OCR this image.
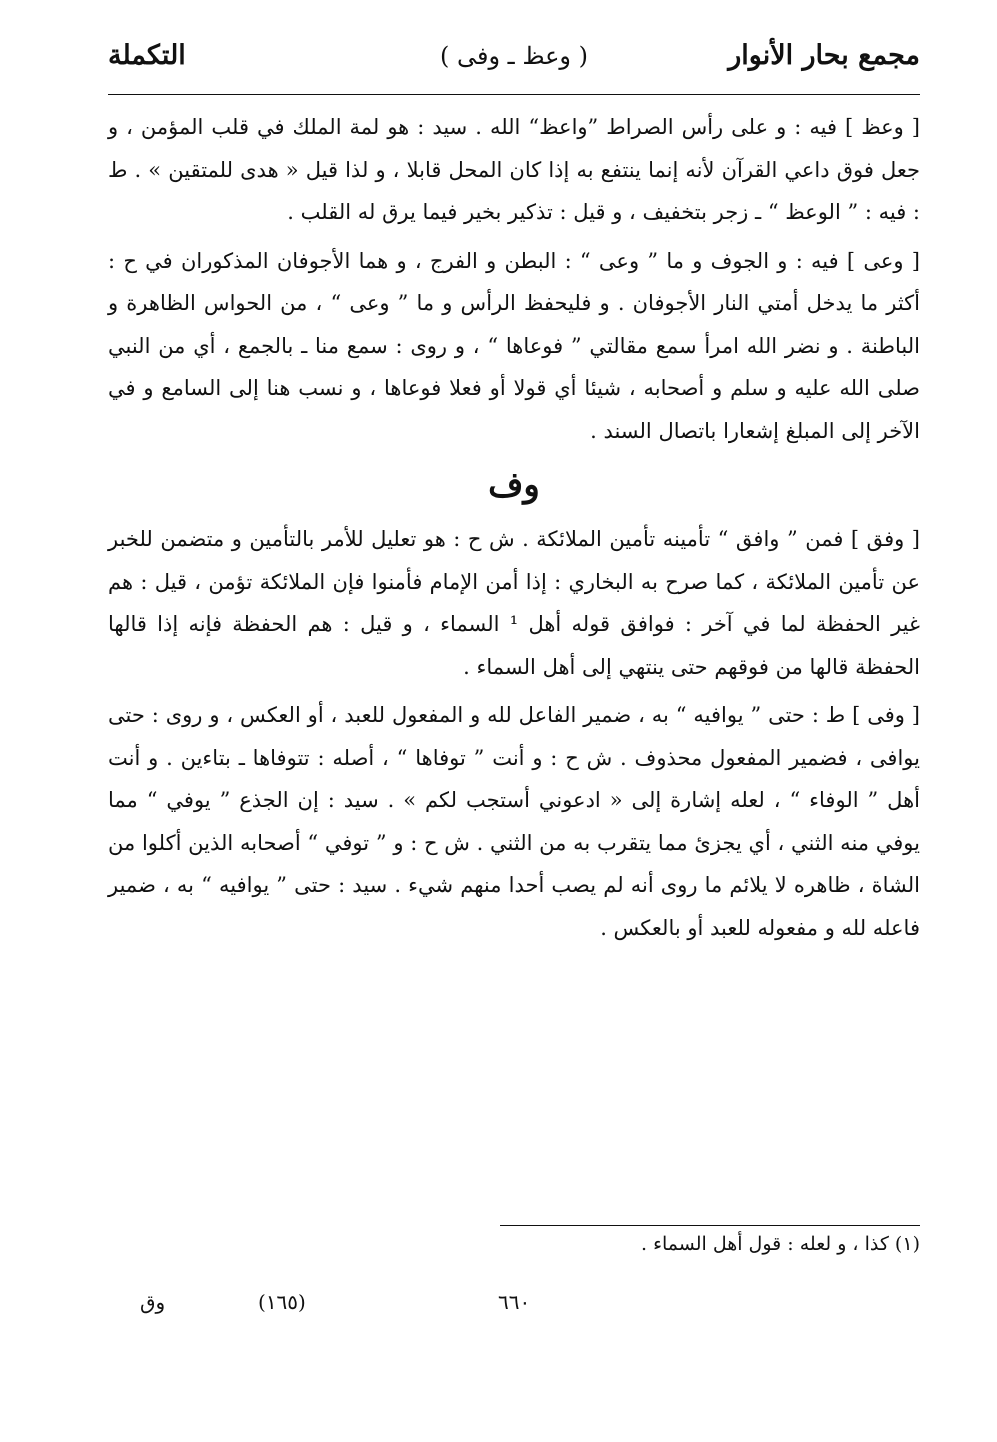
مجمع بحار الأنوار
( وعظ ـ وفى )
التكملة

[ وعظ ] فيه : و على رأس الصراط ”واعظ“ الله . سيد : هو لمة الملك في قلب المؤمن ، و جعل فوق داعي القرآن لأنه إنما ينتفع به إذا كان المحل قابلا ، و لذا قيل « هدى للمتقين » . ط : فيه : ” الوعظ “ ـ زجر بتخفيف ، و قيل : تذكير بخير فيما يرق له القلب .

[ وعى ] فيه : و الجوف و ما ” وعى “ : البطن و الفرج ، و هما الأجوفان المذكوران في ح : أكثر ما يدخل أمتي النار الأجوفان . و فليحفظ الرأس و ما ” وعى “ ، من الحواس الظاهرة و الباطنة . و نضر الله امرأ سمع مقالتي ” فوعاها “ ، و روى : سمع منا ـ بالجمع ، أي من النبي صلى الله عليه و سلم و أصحابه ، شيئا أي قولا أو فعلا فوعاها ، و نسب هنا إلى السامع و في الآخر إلى المبلغ إشعارا باتصال السند .

وف

[ وفق ] فمن ” وافق “ تأمينه تأمين الملائكة . ش ح : هو تعليل للأمر بالتأمين و متضمن للخبر عن تأمين الملائكة ، كما صرح به البخاري : إذا أمن الإمام فأمنوا فإن الملائكة تؤمن ، قيل : هم غير الحفظة لما في آخر : فوافق قوله أهل ¹ السماء ، و قيل : هم الحفظة فإنه إذا قالها الحفظة قالها من فوقهم حتى ينتهي إلى أهل السماء .

[ وفى ] ط : حتى ” يوافيه “ به ، ضمير الفاعل لله و المفعول للعبد ، أو العكس ، و روى : حتى يوافى ، فضمير المفعول محذوف . ش ح : و أنت ” توفاها “ ، أصله : تتوفاها ـ بتاءين . و أنت أهل ” الوفاء “ ، لعله إشارة إلى « ادعوني أستجب لكم » . سيد : إن الجذع ” يوفي “ مما يوفي منه الثني ، أي يجزئ مما يتقرب به من الثني . ش ح : و ” توفي “ أصحابه الذين أكلوا من الشاة ، ظاهره لا يلائم ما روى أنه لم يصب أحدا منهم شيء . سيد : حتى ” يوافيه “ به ، ضمير فاعله لله و مفعوله للعبد أو بالعكس .

(١) كذا ، و لعله : قول أهل السماء .
وق	(١٦٥)	٦٦٠
